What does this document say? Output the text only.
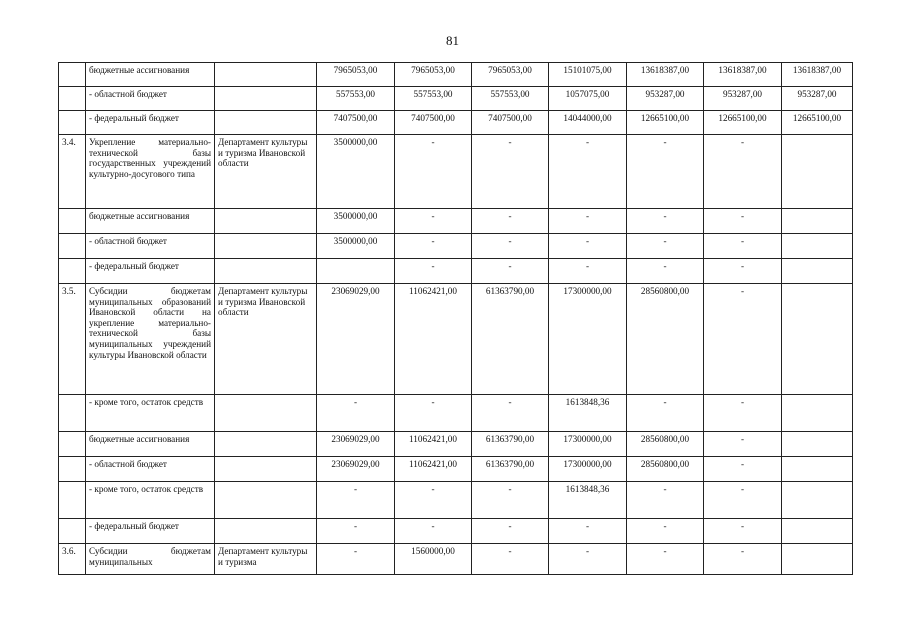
81
	бюджетные ассигнования		7965053,00	7965053,00	7965053,00	15101075,00	13618387,00	13618387,00	13618387,00
	- областной бюджет		557553,00	557553,00	557553,00	1057075,00	953287,00	953287,00	953287,00
	- федеральный бюджет		7407500,00	7407500,00	7407500,00	14044000,00	12665100,00	12665100,00	12665100,00
3.4.	Укрепление материально-технической базы государственных учреждений культурно-досугового типа	Департамент культуры и туризма Ивановской области	3500000,00	-	-	-	-	-	
	бюджетные ассигнования		3500000,00	-	-	-	-	-	
	- областной бюджет		3500000,00	-	-	-	-	-	
	- федеральный бюджет			-	-	-	-	-	
3.5.	Субсидии бюджетам муниципальных образований Ивановской области на укрепление материально-технической базы муниципальных учреждений культуры Ивановской области	Департамент культуры и туризма Ивановской области	23069029,00	11062421,00	61363790,00	17300000,00	28560800,00	-	
	- кроме того, остаток средств		-	-	-	1613848,36	-	-	
	бюджетные ассигнования		23069029,00	11062421,00	61363790,00	17300000,00	28560800,00	-	
	- областной бюджет		23069029,00	11062421,00	61363790,00	17300000,00	28560800,00	-	
	- кроме того, остаток средств		-	-	-	1613848,36	-	-	
	- федеральный бюджет		-	-	-	-	-	-	
3.6.	Субсидии бюджетам муниципальных	Департамент культуры и туризма	-	1560000,00	-	-	-	-	
